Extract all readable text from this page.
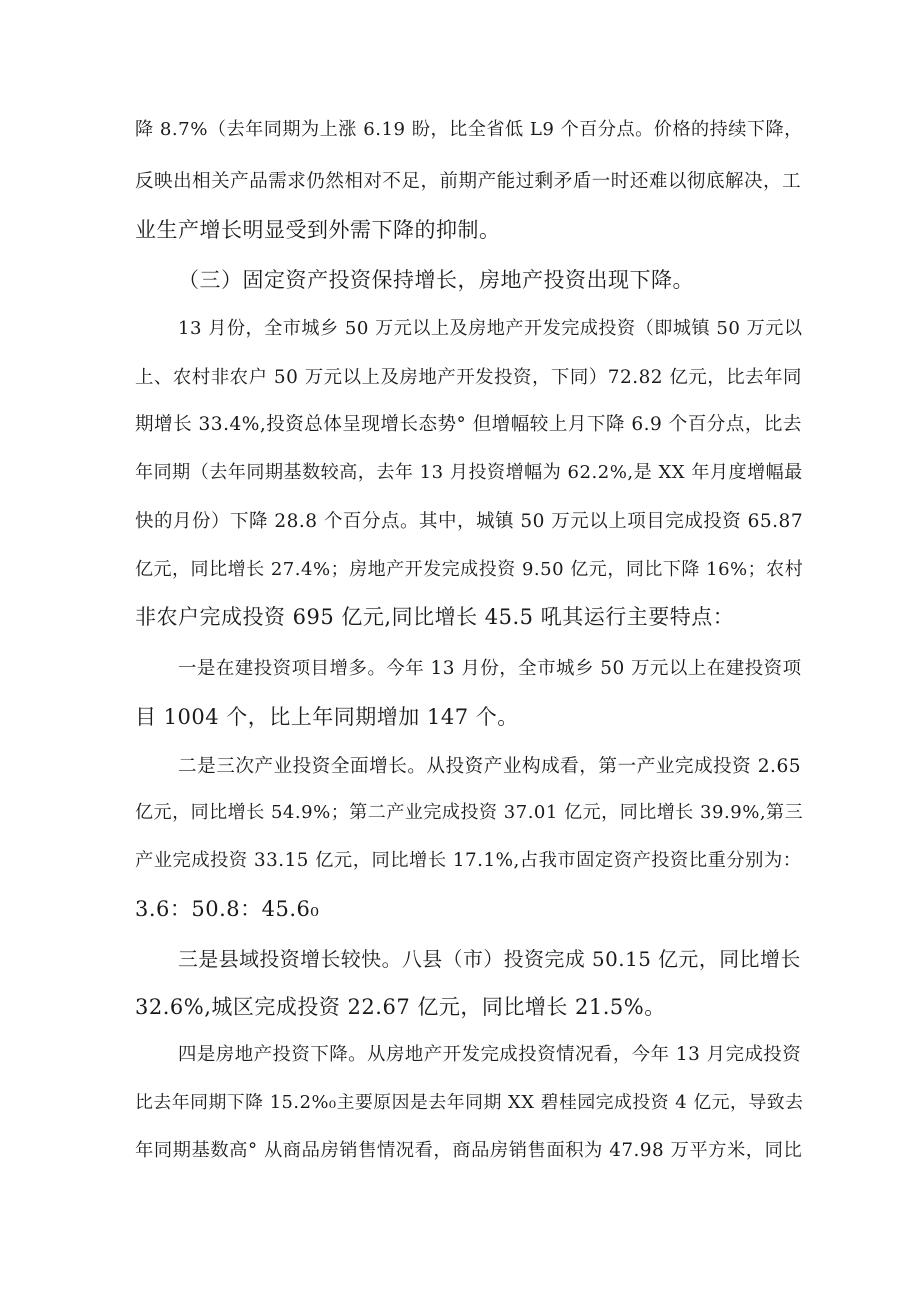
降 8.7%（去年同期为上涨 6.19 盼，比全省低 L9 个百分点。价格的持续下降，
反映出相关产品需求仍然相对不足，前期产能过剩矛盾一时还难以彻底解决，工
业生产增长明显受到外需下降的抑制。
（三）固定资产投资保持增长，房地产投资出现下降。
13 月份，全市城乡 50 万元以上及房地产开发完成投资（即城镇 50 万元以
上、农村非农户 50 万元以上及房地产开发投资，下同）72.82 亿元，比去年同
期增长 33.4%,投资总体呈现增长态势° 但增幅较上月下降 6.9 个百分点，比去
年同期（去年同期基数较高，去年 13 月投资增幅为 62.2%,是 XX 年月度增幅最
快的月份）下降 28.8 个百分点。其中，城镇 50 万元以上项目完成投资 65.87
亿元，同比增长 27.4%；房地产开发完成投资 9.50 亿元，同比下降 16%；农村
非农户完成投资 695 亿元,同比增长 45.5 吼其运行主要特点：
一是在建投资项目增多。今年 13 月份，全市城乡 50 万元以上在建投资项
目 1004 个，比上年同期增加 147 个。
二是三次产业投资全面增长。从投资产业构成看，第一产业完成投资 2.65
亿元，同比增长 54.9%；第二产业完成投资 37.01 亿元，同比增长 39.9%,第三
产业完成投资 33.15 亿元，同比增长 17.1%,占我市固定资产投资比重分别为：
3.6：50.8：45.6₀
三是县域投资增长较快。八县（市）投资完成 50.15 亿元，同比增长
32.6%,城区完成投资 22.67 亿元，同比增长 21.5%。
四是房地产投资下降。从房地产开发完成投资情况看，今年 13 月完成投资
比去年同期下降 15.2%₀主要原因是去年同期 XX 碧桂园完成投资 4 亿元，导致去
年同期基数高° 从商品房销售情况看，商品房销售面积为 47.98 万平方米，同比
